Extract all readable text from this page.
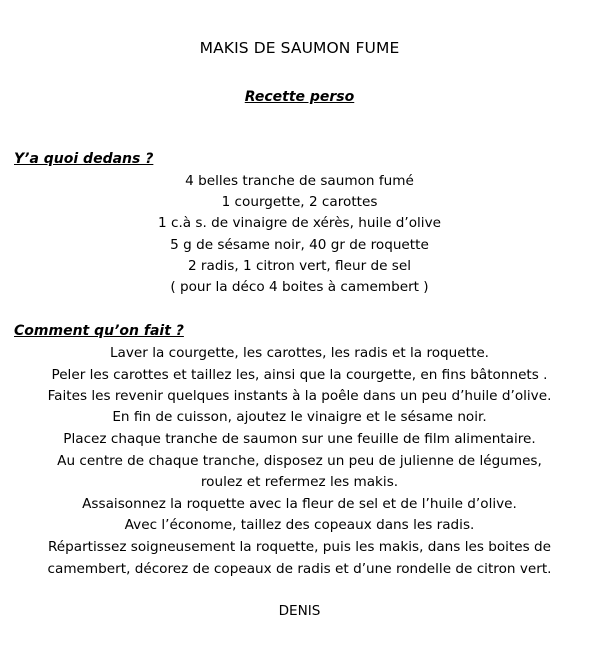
MAKIS DE SAUMON FUME
Recette perso
Y’a quoi dedans ?
4 belles tranche de saumon fumé
1 courgette, 2 carottes
1 c.à s. de vinaigre de xérès, huile d’olive
5 g de sésame noir, 40 gr de roquette
2 radis, 1 citron vert, fleur de sel
( pour la déco 4 boites à camembert )
Comment qu’on fait ?
Laver la courgette, les carottes, les radis et la roquette.
Peler les carottes et taillez les, ainsi que la courgette, en fins bâtonnets .
Faites les revenir quelques instants à la poêle dans un peu d’huile d’olive.
En fin de cuisson, ajoutez le vinaigre et le sésame noir.
Placez chaque tranche de saumon sur une feuille de film alimentaire.
Au centre de chaque tranche, disposez un peu de julienne de légumes,
roulez et refermez les makis.
Assaisonnez la roquette avec la fleur de sel et de l’huile d’olive.
Avec l’économe, taillez des copeaux dans les radis.
Répartissez soigneusement la roquette, puis les makis, dans les boites de
camembert, décorez de copeaux de radis et d’une rondelle de citron vert.
DENIS
